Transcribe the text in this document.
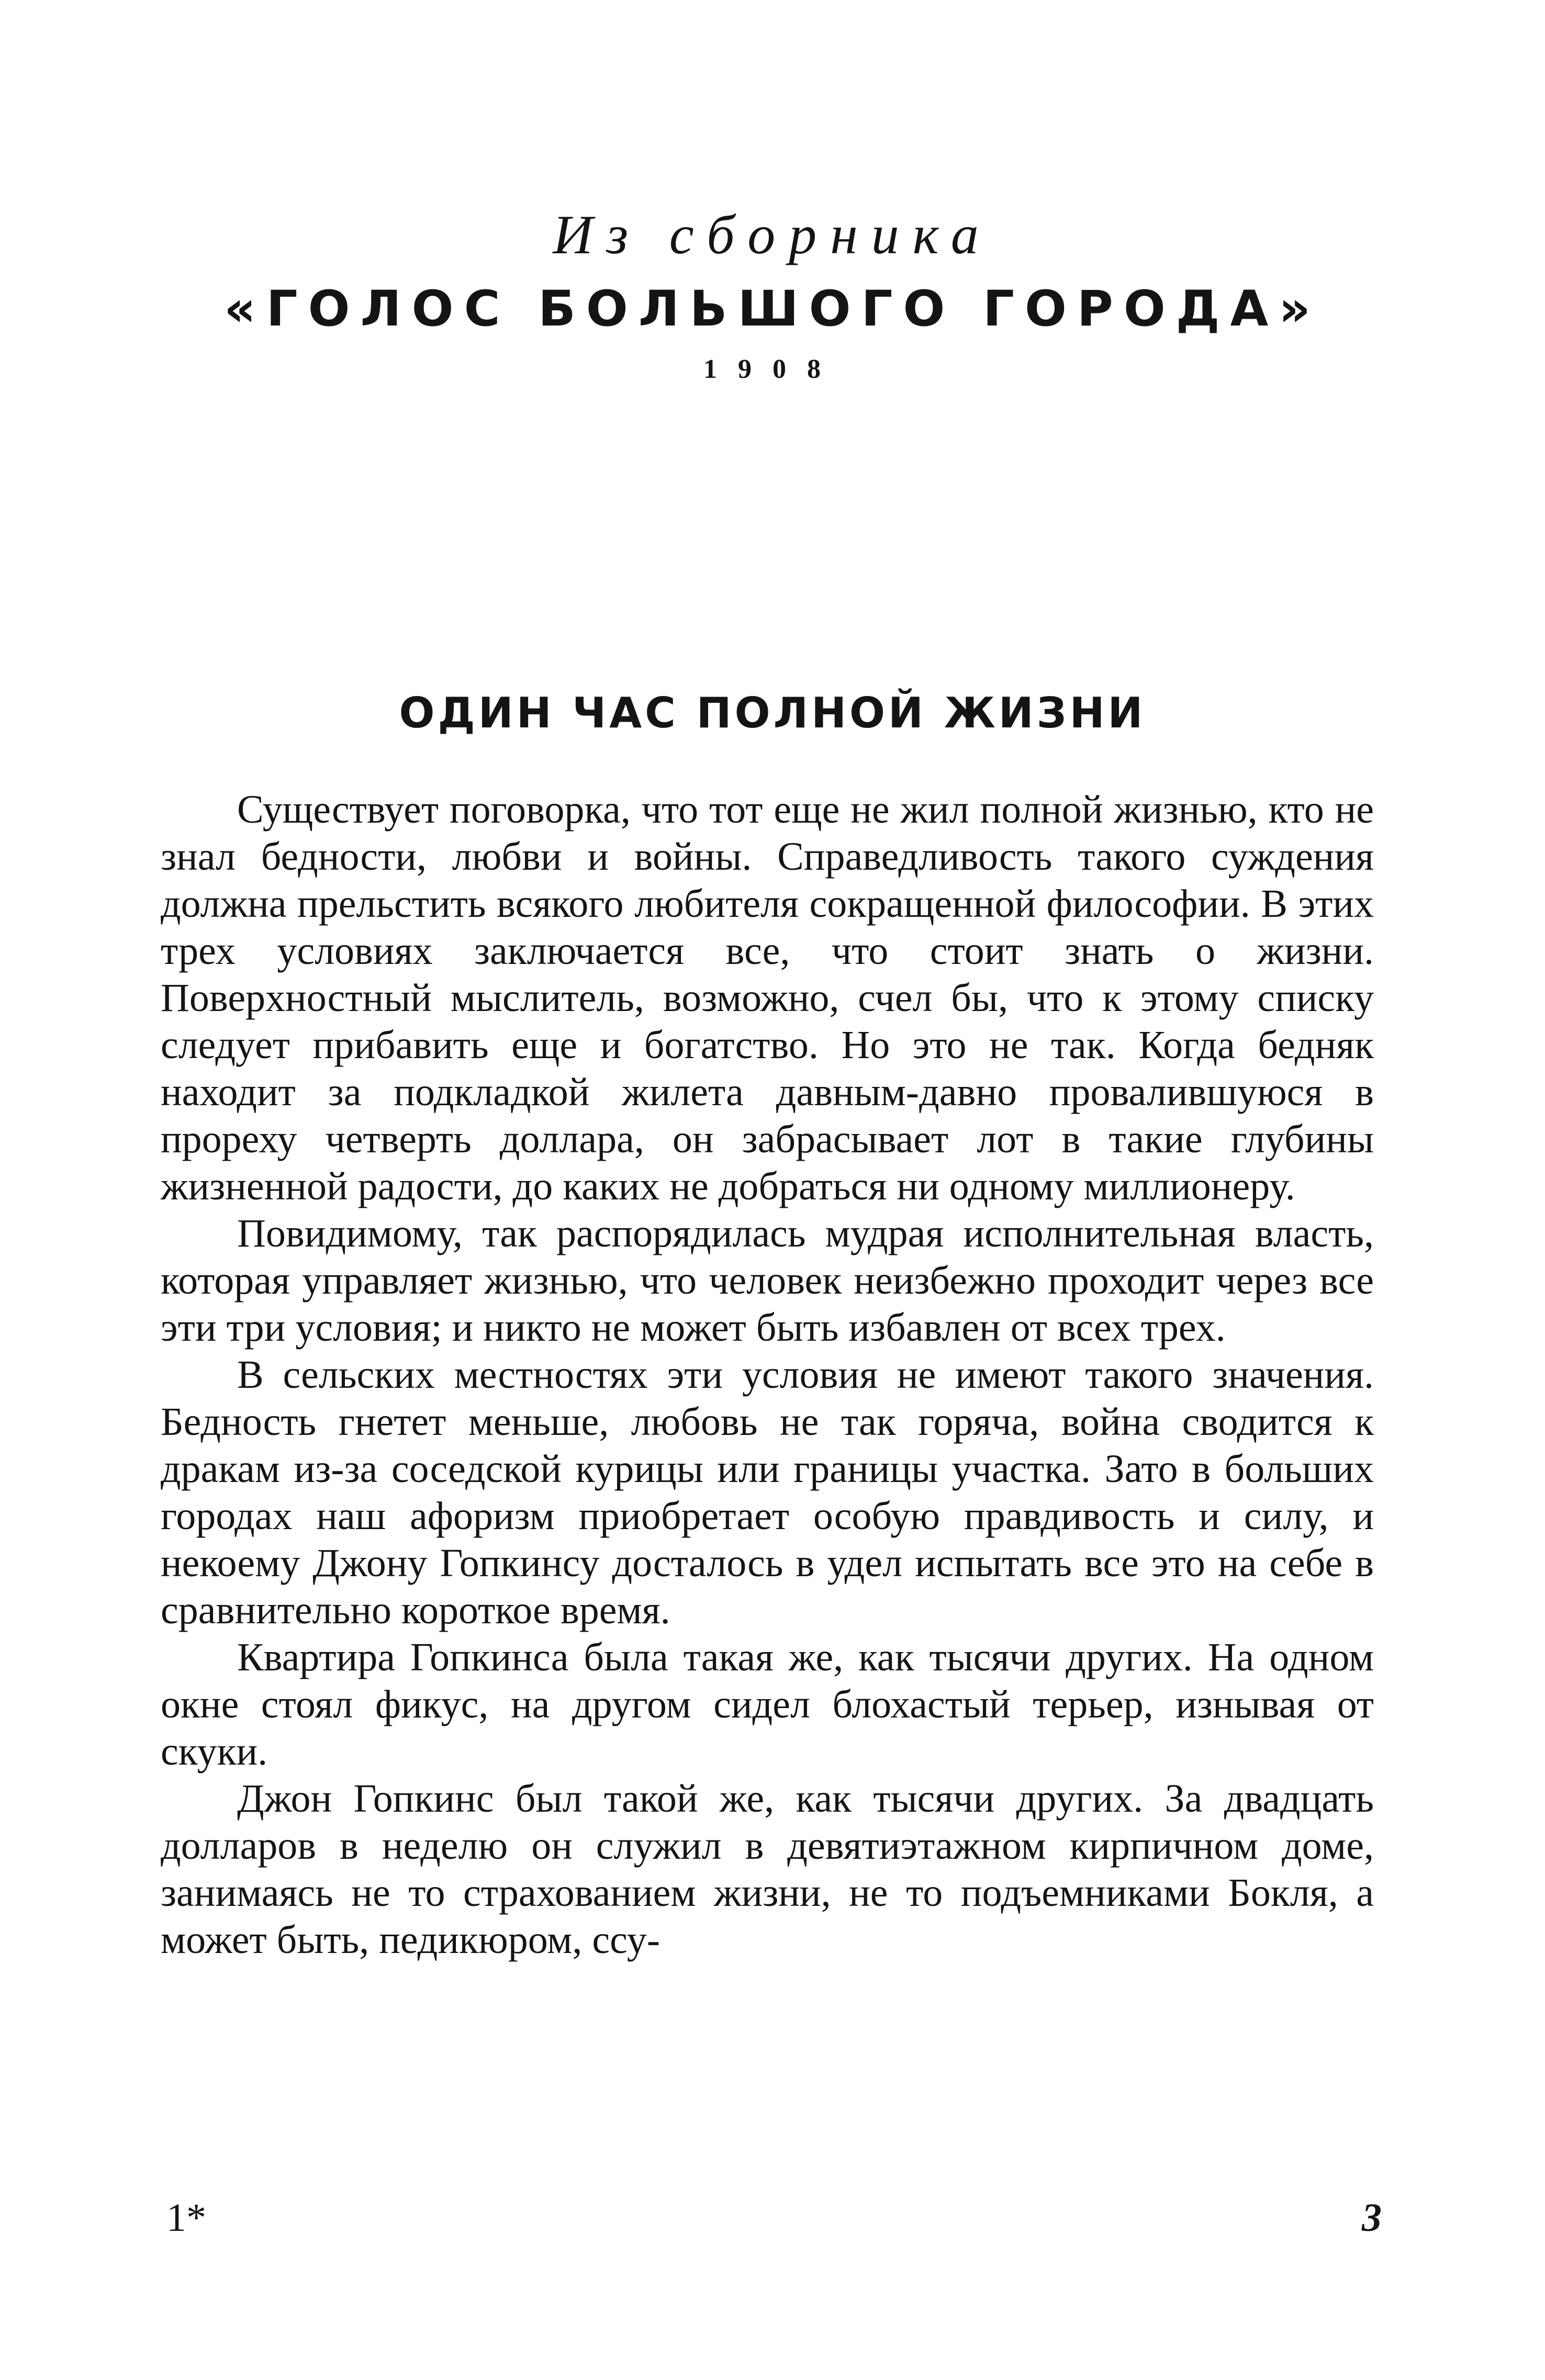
Из сборника
«ГОЛОС БОЛЬШОГО ГОРОДА»
1908
ОДИН ЧАС ПОЛНОЙ ЖИЗНИ

Существует поговорка, что тот еще не жил полной жизнью, кто не знал бедности, любви и войны. Справедливость такого суждения должна прельстить всякого любителя сокращенной философии. В этих трех условиях заключается все, что стоит знать о жизни. Поверхностный мыслитель, возможно, счел бы, что к этому списку следует прибавить еще и богатство. Но это не так. Когда бедняк находит за подкладкой жилета давным-давно провалившуюся в прореху четверть доллара, он забрасывает лот в такие глубины жизненной радости, до каких не добраться ни одному миллионеру.

Повидимому, так распорядилась мудрая исполнительная власть, которая управляет жизнью, что человек неизбежно проходит через все эти три условия; и никто не может быть избавлен от всех трех.

В сельских местностях эти условия не имеют такого значения. Бедность гнетет меньше, любовь не так горяча, война сводится к дракам из-за соседской курицы или границы участка. Зато в больших городах наш афоризм приобретает особую правдивость и силу, и некоему Джону Гопкинсу досталось в удел испытать все это на себе в сравнительно короткое время.

Квартира Гопкинса была такая же, как тысячи других. На одном окне стоял фикус, на другом сидел блохастый терьер, изнывая от скуки.

Джон Гопкинс был такой же, как тысячи других. За двадцать долларов в неделю он служил в девятиэтажном кирпичном доме, занимаясь не то страхованием жизни, не то подъемниками Бокля, а может быть, педикюром, ссу-

1*	3
